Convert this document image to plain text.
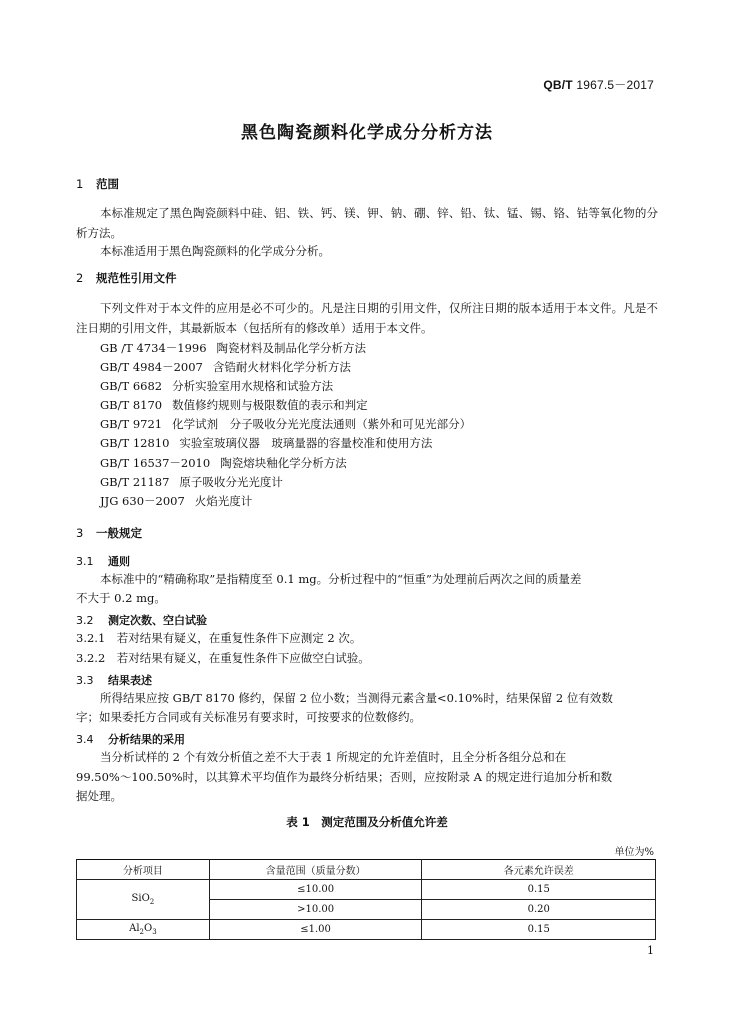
QB/T 1967.5－2017
黑色陶瓷颜料化学成分分析方法
1 范围
本标准规定了黑色陶瓷颜料中硅、铝、铁、钙、镁、钾、钠、硼、锌、铅、钛、锰、锡、铬、钴等氧化物的分析方法。
本标准适用于黑色陶瓷颜料的化学成分分析。
2 规范性引用文件
下列文件对于本文件的应用是必不可少的。凡是注日期的引用文件，仅所注日期的版本适用于本文件。凡是不注日期的引用文件，其最新版本（包括所有的修改单）适用于本文件。
GB /T 4734－1996 陶瓷材料及制品化学分析方法
GB/T 4984－2007 含锆耐火材料化学分析方法
GB/T 6682 分析实验室用水规格和试验方法
GB/T 8170 数值修约规则与极限数值的表示和判定
GB/T 9721 化学试剂　分子吸收分光光度法通则（紫外和可见光部分）
GB/T 12810 实验室玻璃仪器　玻璃量器的容量校准和使用方法
GB/T 16537－2010 陶瓷熔块釉化学分析方法
GB/T 21187 原子吸收分光光度计
JJG 630－2007 火焰光度计
3 一般规定
3.1 通则
本标准中的“精确称取”是指精度至 0.1 mg。分析过程中的“恒重”为处理前后两次之间的质量差
不大于 0.2 mg。
3.2 测定次数、空白试验
3.2.1　若对结果有疑义，在重复性条件下应测定 2 次。
3.2.2　若对结果有疑义，在重复性条件下应做空白试验。
3.3 结果表述
所得结果应按 GB/T 8170 修约，保留 2 位小数；当测得元素含量<0.10%时，结果保留 2 位有效数
字；如果委托方合同或有关标准另有要求时，可按要求的位数修约。
3.4 分析结果的采用
当分析试样的 2 个有效分析值之差不大于表 1 所规定的允许差值时，且全分析各组分总和在
99.50%～100.50%时，以其算术平均值作为最终分析结果；否则，应按附录 A 的规定进行追加分析和数
据处理。
表 1　测定范围及分析值允许差
单位为%
分析项目	含量范围（质量分数）	各元素允许误差
SiO$_2$	≤10.00	0.15
	>10.00	0.20
$Al_2O_3$	≤1.00	0.15
1
